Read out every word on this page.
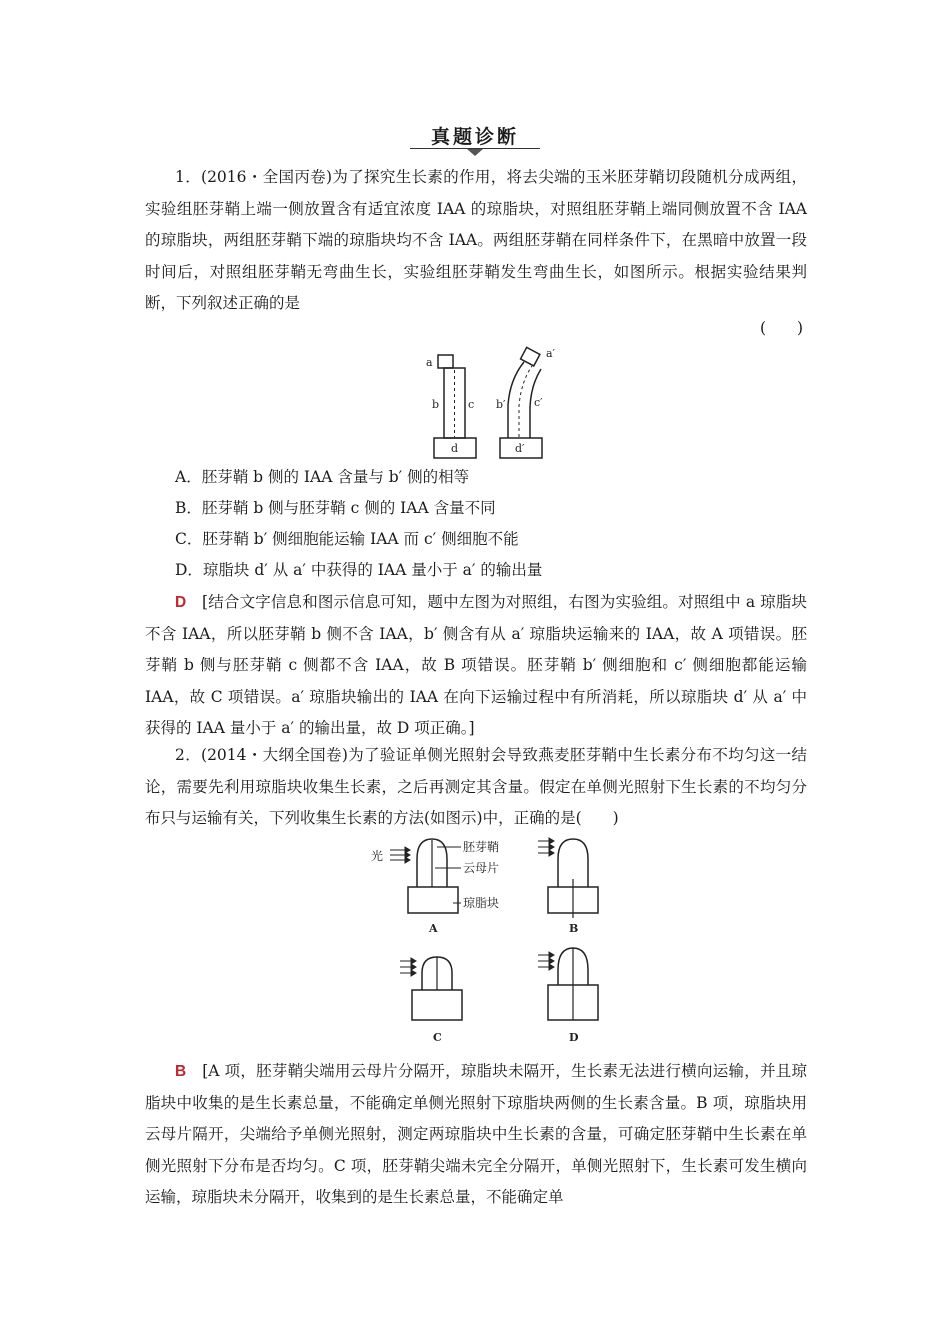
真题诊断

1．(2016・全国丙卷)为了探究生长素的作用，将去尖端的玉米胚芽鞘切段随机分成两组，实验组胚芽鞘上端一侧放置含有适宜浓度 IAA 的琼脂块，对照组胚芽鞘上端同侧放置不含 IAA 的琼脂块，两组胚芽鞘下端的琼脂块均不含 IAA。两组胚芽鞘在同样条件下，在黑暗中放置一段时间后，对照组胚芽鞘无弯曲生长，实验组胚芽鞘发生弯曲生长，如图所示。根据实验结果判断，下列叙述正确的是

(　　)
a
b	c
d
a′
b′	c′
d′
A．胚芽鞘 b 侧的 IAA 含量与 b′ 侧的相等
B．胚芽鞘 b 侧与胚芽鞘 c 侧的 IAA 含量不同
C．胚芽鞘 b′ 侧细胞能运输 IAA 而 c′ 侧细胞不能
D．琼脂块 d′ 从 a′ 中获得的 IAA 量小于 a′ 的输出量

D　 [结合文字信息和图示信息可知，题中左图为对照组，右图为实验组。对照组中 a 琼脂块不含 IAA，所以胚芽鞘 b 侧不含 IAA，b′ 侧含有从 a′ 琼脂块运输来的 IAA，故 A 项错误。胚芽鞘 b 侧与胚芽鞘 c 侧都不含 IAA，故 B 项错误。胚芽鞘 b′ 侧细胞和 c′ 侧细胞都能运输 IAA，故 C 项错误。a′ 琼脂块输出的 IAA 在向下运输过程中有所消耗，所以琼脂块 d′ 从 a′ 中获得的 IAA 量小于 a′ 的输出量，故 D 项正确。]

2．(2014・大纲全国卷)为了验证单侧光照射会导致燕麦胚芽鞘中生长素分布不均匀这一结论，需要先利用琼脂块收集生长素，之后再测定其含量。假定在单侧光照射下生长素的不均匀分布只与运输有关，下列收集生长素的方法(如图示)中，正确的是(　　)

光
胚芽鞘
云母片
琼脂块
A	B
C	D

B　 [A 项，胚芽鞘尖端用云母片分隔开，琼脂块未隔开，生长素无法进行横向运输，并且琼脂块中收集的是生长素总量，不能确定单侧光照射下琼脂块两侧的生长素含量。B 项，琼脂块用云母片隔开，尖端给予单侧光照射，测定两琼脂块中生长素的含量，可确定胚芽鞘中生长素在单侧光照射下分布是否均匀。C 项，胚芽鞘尖端未完全分隔开，单侧光照射下，生长素可发生横向运输，琼脂块未分隔开，收集到的是生长素总量，不能确定单
